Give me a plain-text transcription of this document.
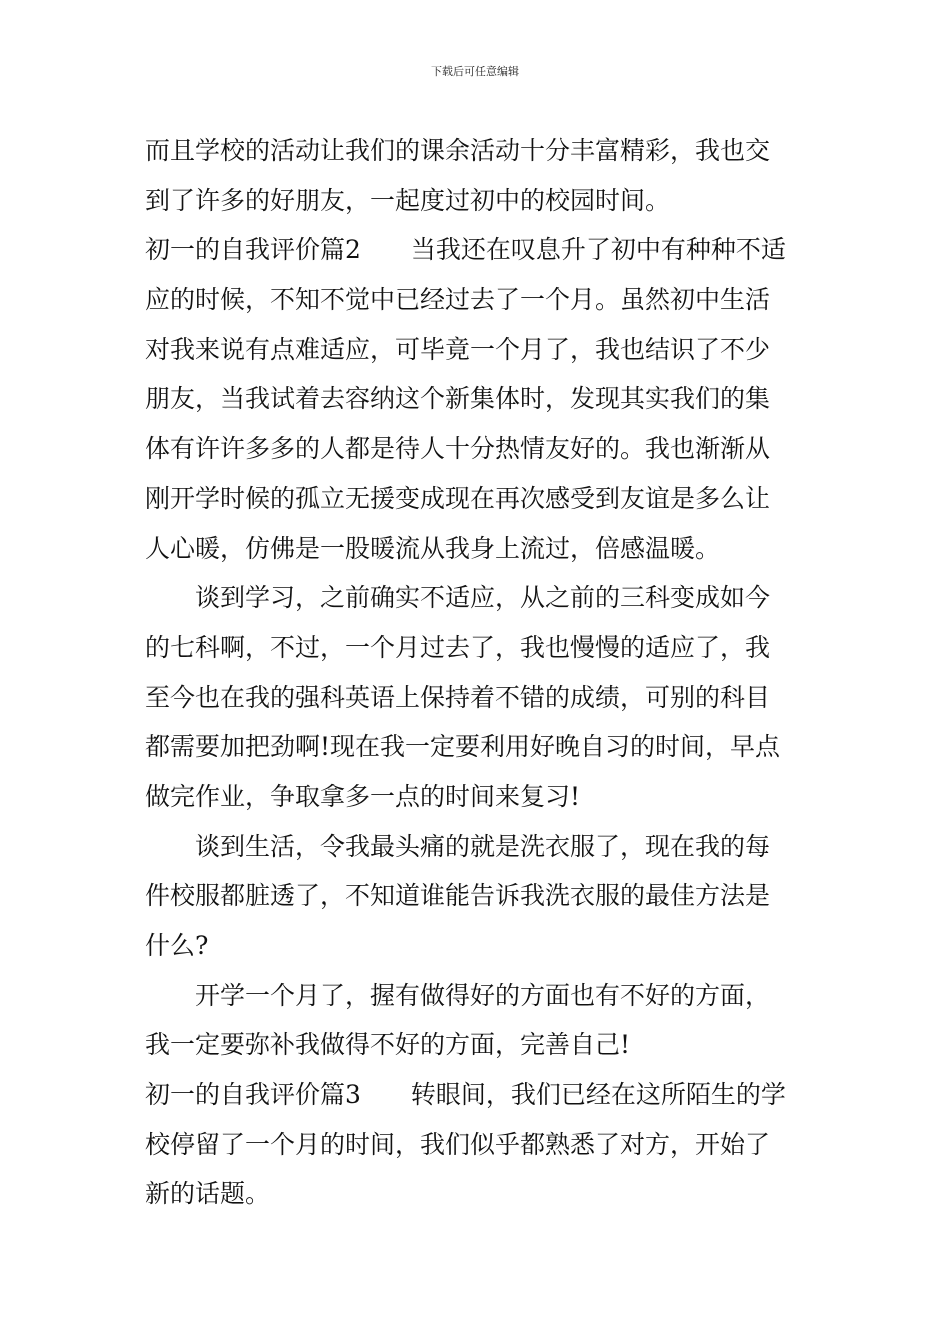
下载后可任意编辑
而且学校的活动让我们的课余活动十分丰富精彩，我也交
到了许多的好朋友，一起度过初中的校园时间。
初一的自我评价篇2 当我还在叹息升了初中有种种不适
应的时候，不知不觉中已经过去了一个月。虽然初中生活
对我来说有点难适应，可毕竟一个月了，我也结识了不少
朋友，当我试着去容纳这个新集体时，发现其实我们的集
体有许许多多的人都是待人十分热情友好的。我也渐渐从
刚开学时候的孤立无援变成现在再次感受到友谊是多么让
人心暖，仿佛是一股暖流从我身上流过，倍感温暖。
谈到学习，之前确实不适应，从之前的三科变成如今
的七科啊，不过，一个月过去了，我也慢慢的适应了，我
至今也在我的强科英语上保持着不错的成绩，可别的科目
都需要加把劲啊!现在我一定要利用好晚自习的时间，早点
做完作业，争取拿多一点的时间来复习!
谈到生活，令我最头痛的就是洗衣服了，现在我的每
件校服都脏透了，不知道谁能告诉我洗衣服的最佳方法是
什么?
开学一个月了，握有做得好的方面也有不好的方面，
我一定要弥补我做得不好的方面，完善自己!
初一的自我评价篇3 转眼间，我们已经在这所陌生的学
校停留了一个月的时间，我们似乎都熟悉了对方，开始了
新的话题。
